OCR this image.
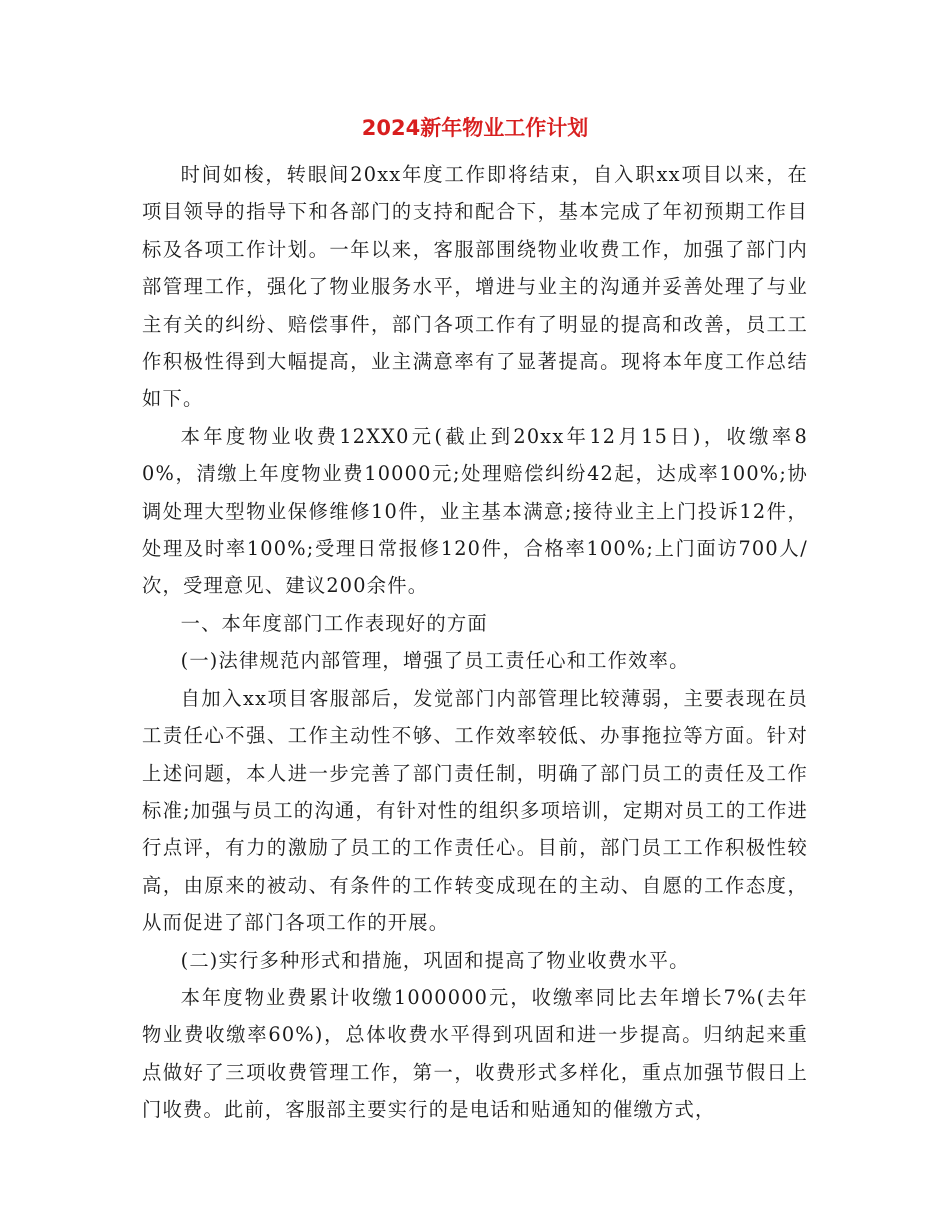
2024新年物业工作计划

时间如梭，转眼间20xx年度工作即将结束，自入职xx项目以来，在项目领导的指导下和各部门的支持和配合下，基本完成了年初预期工作目标及各项工作计划。一年以来，客服部围绕物业收费工作，加强了部门内部管理工作，强化了物业服务水平，增进与业主的沟通并妥善处理了与业主有关的纠纷、赔偿事件，部门各项工作有了明显的提高和改善，员工工作积极性得到大幅提高，业主满意率有了显著提高。现将本年度工作总结如下。

本年度物业收费12XX0元(截止到20xx年12月15日)，收缴率80%，清缴上年度物业费10000元;处理赔偿纠纷42起，达成率100%;协调处理大型物业保修维修10件，业主基本满意;接待业主上门投诉12件，处理及时率100%;受理日常报修120件，合格率100%;上门面访700人/次，受理意见、建议200余件。

一、本年度部门工作表现好的方面

(一)法律规范内部管理，增强了员工责任心和工作效率。

自加入xx项目客服部后，发觉部门内部管理比较薄弱，主要表现在员工责任心不强、工作主动性不够、工作效率较低、办事拖拉等方面。针对上述问题，本人进一步完善了部门责任制，明确了部门员工的责任及工作标准;加强与员工的沟通，有针对性的组织多项培训，定期对员工的工作进行点评，有力的激励了员工的工作责任心。目前，部门员工工作积极性较高，由原来的被动、有条件的工作转变成现在的主动、自愿的工作态度，从而促进了部门各项工作的开展。

(二)实行多种形式和措施，巩固和提高了物业收费水平。

本年度物业费累计收缴1000000元，收缴率同比去年增长7%(去年物业费收缴率60%)，总体收费水平得到巩固和进一步提高。归纳起来重点做好了三项收费管理工作，第一，收费形式多样化，重点加强节假日上门收费。此前，客服部主要实行的是电话和贴通知的催缴方式，
